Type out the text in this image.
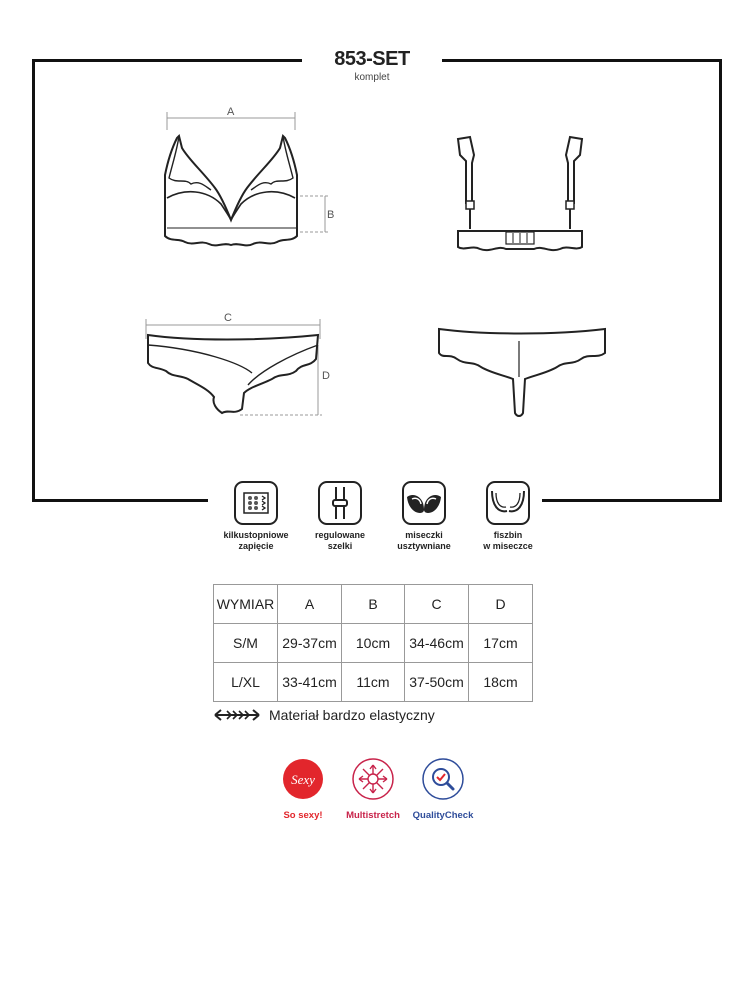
853-SET
komplet
A
B
C
D
kilkustopniowe
zapięcie
regulowane
szelki
miseczki
usztywniane
fiszbin
w miseczce
WYMIAR	A	B	C	D
S/M	29-37cm	10cm	34-46cm	17cm
L/XL	33-41cm	11cm	37-50cm	18cm
Materiał bardzo elastyczny
Sexy
So sexy!	Multistretch	QualityCheck
